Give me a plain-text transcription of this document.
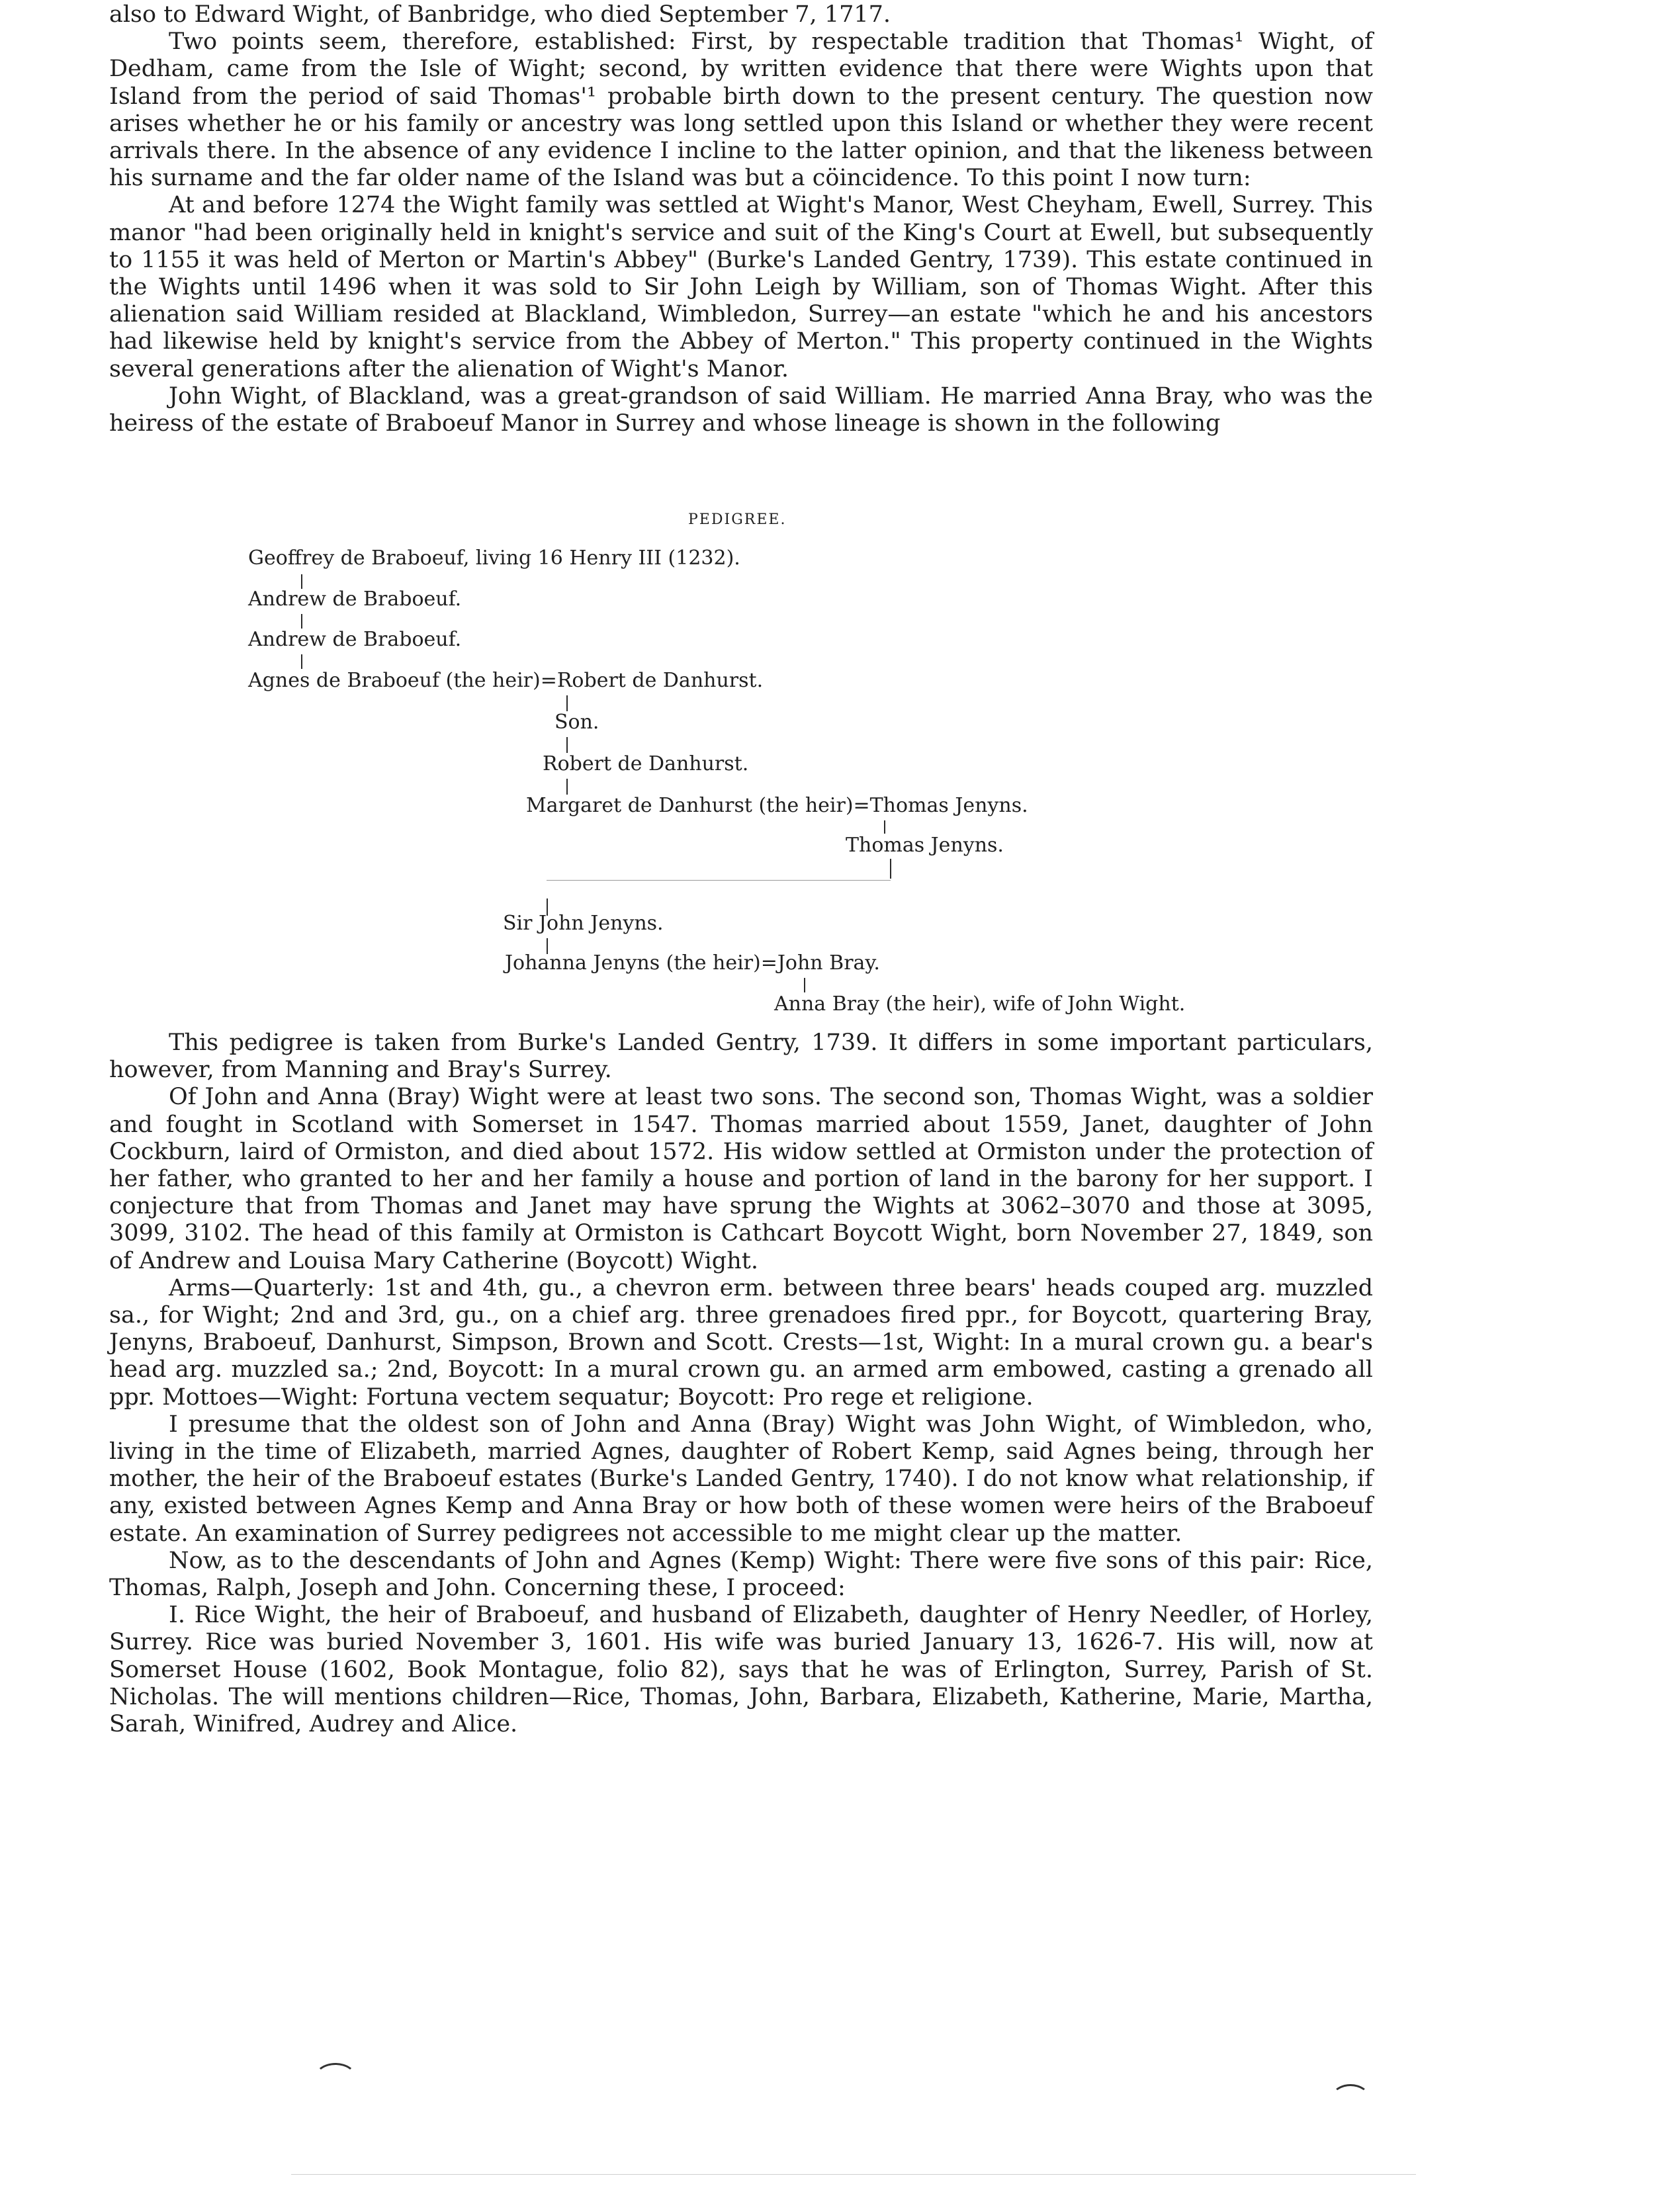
also to Edward Wight, of Banbridge, who died September 7, 1717.

Two points seem, therefore, established: First, by respectable tradition that Thomas¹ Wight, of Dedham, came from the Isle of Wight; second, by written evidence that there were Wights upon that Island from the period of said Thomas'¹ probable birth down to the present century. The question now arises whether he or his family or ancestry was long settled upon this Island or whether they were recent arrivals there. In the absence of any evidence I incline to the latter opinion, and that the likeness between his surname and the far older name of the Island was but a cöincidence. To this point I now turn:

At and before 1274 the Wight family was settled at Wight's Manor, West Cheyham, Ewell, Surrey. This manor "had been originally held in knight's service and suit of the King's Court at Ewell, but subsequently to 1155 it was held of Merton or Martin's Abbey" (Burke's Landed Gentry, 1739). This estate continued in the Wights until 1496 when it was sold to Sir John Leigh by William, son of Thomas Wight. After this alienation said William resided at Blackland, Wimbledon, Surrey—an estate "which he and his ancestors had likewise held by knight's service from the Abbey of Merton." This property continued in the Wights several generations after the alienation of Wight's Manor.

John Wight, of Blackland, was a great-grandson of said William. He married Anna Bray, who was the heiress of the estate of Braboeuf Manor in Surrey and whose lineage is shown in the following

PEDIGREE.
Geoffrey de Braboeuf, living 16 Henry III (1232).
Andrew de Braboeuf.
Andrew de Braboeuf.
Agnes de Braboeuf (the heir)=Robert de Danhurst.
Son.
Robert de Danhurst.
Margaret de Danhurst (the heir)=Thomas Jenyns.
Thomas Jenyns.
Sir John Jenyns.
Johanna Jenyns (the heir)=John Bray.
Anna Bray (the heir), wife of John Wight.

This pedigree is taken from Burke's Landed Gentry, 1739. It differs in some important particulars, however, from Manning and Bray's Surrey.

Of John and Anna (Bray) Wight were at least two sons. The second son, Thomas Wight, was a soldier and fought in Scotland with Somerset in 1547. Thomas married about 1559, Janet, daughter of John Cockburn, laird of Ormiston, and died about 1572. His widow settled at Ormiston under the protection of her father, who granted to her and her family a house and portion of land in the barony for her support. I conjecture that from Thomas and Janet may have sprung the Wights at 3062–3070 and those at 3095, 3099, 3102. The head of this family at Ormiston is Cathcart Boycott Wight, born November 27, 1849, son of Andrew and Louisa Mary Catherine (Boycott) Wight.

Arms—Quarterly: 1st and 4th, gu., a chevron erm. between three bears' heads couped arg. muzzled sa., for Wight; 2nd and 3rd, gu., on a chief arg. three grenadoes fired ppr., for Boycott, quartering Bray, Jenyns, Braboeuf, Danhurst, Simpson, Brown and Scott. Crests—1st, Wight: In a mural crown gu. a bear's head arg. muzzled sa.; 2nd, Boycott: In a mural crown gu. an armed arm embowed, casting a grenado all ppr. Mottoes—Wight: Fortuna vectem sequatur; Boycott: Pro rege et religione.

I presume that the oldest son of John and Anna (Bray) Wight was John Wight, of Wimbledon, who, living in the time of Elizabeth, married Agnes, daughter of Robert Kemp, said Agnes being, through her mother, the heir of the Braboeuf estates (Burke's Landed Gentry, 1740). I do not know what relationship, if any, existed between Agnes Kemp and Anna Bray or how both of these women were heirs of the Braboeuf estate. An examination of Surrey pedigrees not accessible to me might clear up the matter.

Now, as to the descendants of John and Agnes (Kemp) Wight: There were five sons of this pair: Rice, Thomas, Ralph, Joseph and John. Concerning these, I proceed:

I. Rice Wight, the heir of Braboeuf, and husband of Elizabeth, daughter of Henry Needler, of Horley, Surrey. Rice was buried November 3, 1601. His wife was buried January 13, 1626-7. His will, now at Somerset House (1602, Book Montague, folio 82), says that he was of Erlington, Surrey, Parish of St. Nicholas. The will mentions children—Rice, Thomas, John, Barbara, Elizabeth, Katherine, Marie, Martha, Sarah, Winifred, Audrey and Alice.
